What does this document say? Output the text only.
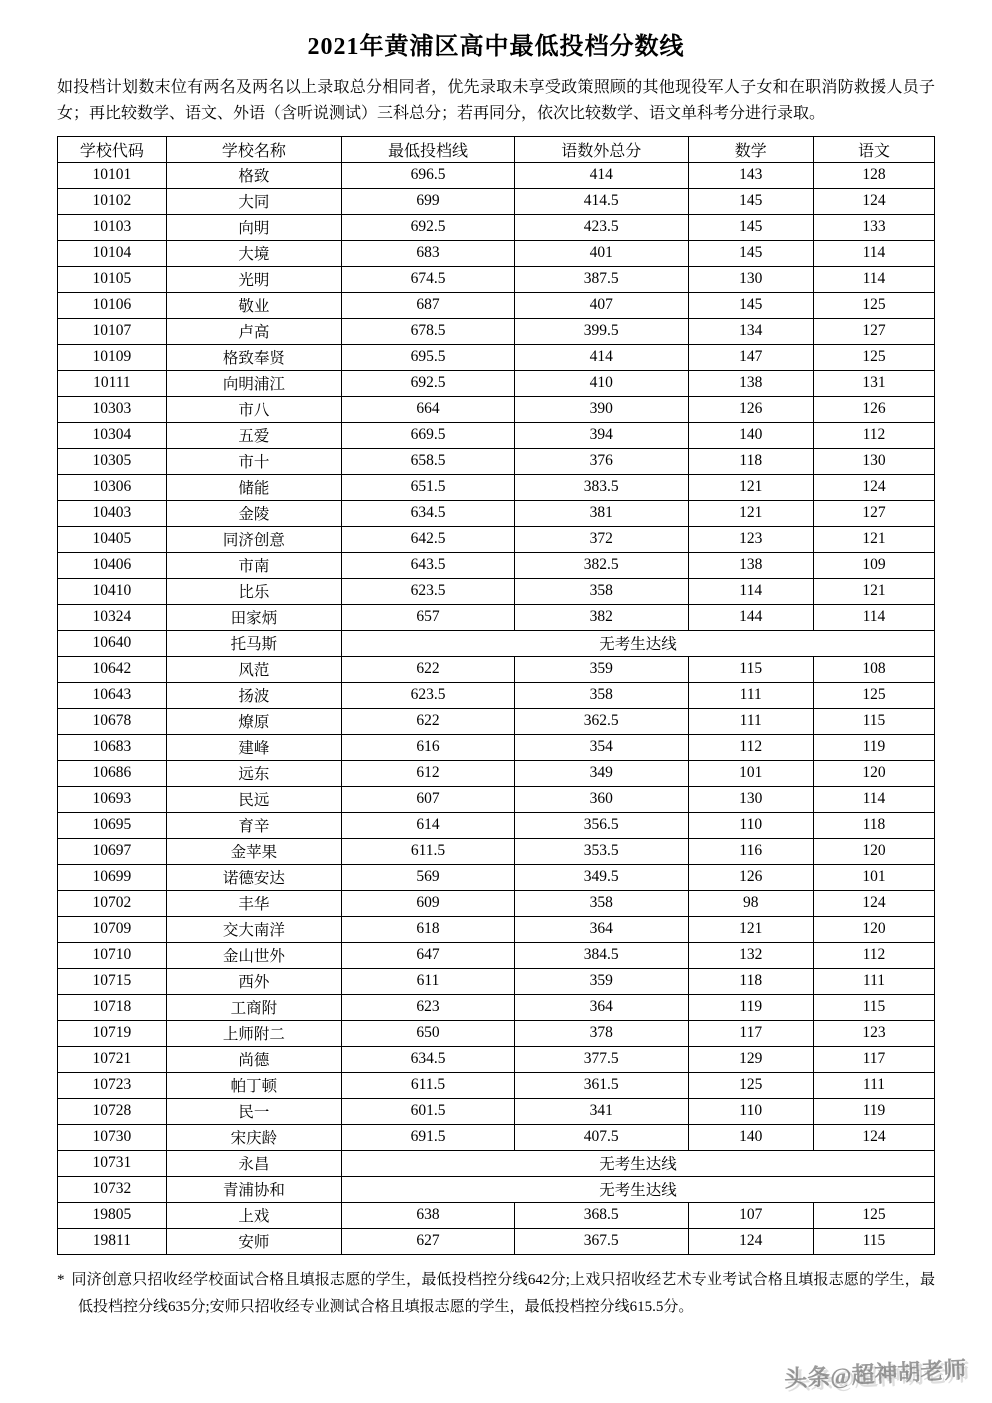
2021年黄浦区高中最低投档分数线

如投档计划数末位有两名及两名以上录取总分相同者，优先录取未享受政策照顾的其他现役军人子女和在职消防救援人员子女；再比较数学、语文、外语（含听说测试）三科总分；若再同分，依次比较数学、语文单科考分进行录取。

学校代码	学校名称	最低投档线	语数外总分	数学	语文
10101	格致	696.5	414	143	128
10102	大同	699	414.5	145	124
10103	向明	692.5	423.5	145	133
10104	大境	683	401	145	114
10105	光明	674.5	387.5	130	114
10106	敬业	687	407	145	125
10107	卢高	678.5	399.5	134	127
10109	格致奉贤	695.5	414	147	125
10111	向明浦江	692.5	410	138	131
10303	市八	664	390	126	126
10304	五爱	669.5	394	140	112
10305	市十	658.5	376	118	130
10306	储能	651.5	383.5	121	124
10403	金陵	634.5	381	121	127
10405	同济创意	642.5	372	123	121
10406	市南	643.5	382.5	138	109
10410	比乐	623.5	358	114	121
10324	田家炳	657	382	144	114
10640	托马斯	无考生达线			
10642	风范	622	359	115	108
10643	扬波	623.5	358	111	125
10678	燎原	622	362.5	111	115
10683	建峰	616	354	112	119
10686	远东	612	349	101	120
10693	民远	607	360	130	114
10695	育辛	614	356.5	110	118
10697	金苹果	611.5	353.5	116	120
10699	诺德安达	569	349.5	126	101
10702	丰华	609	358	98	124
10709	交大南洋	618	364	121	120
10710	金山世外	647	384.5	132	112
10715	西外	611	359	118	111
10718	工商附	623	364	119	115
10719	上师附二	650	378	117	123
10721	尚德	634.5	377.5	129	117
10723	帕丁顿	611.5	361.5	125	111
10728	民一	601.5	341	110	119
10730	宋庆龄	691.5	407.5	140	124
10731	永昌	无考生达线			
10732	青浦协和	无考生达线			
19805	上戏	638	368.5	107	125
19811	安师	627	367.5	124	115

* 同济创意只招收经学校面试合格且填报志愿的学生，最低投档控分线642分;上戏只招收经艺术专业考试合格且填报志愿的学生，最低投档控分线635分;安师只招收经专业测试合格且填报志愿的学生，最低投档控分线615.5分。

头条@超神胡老师
